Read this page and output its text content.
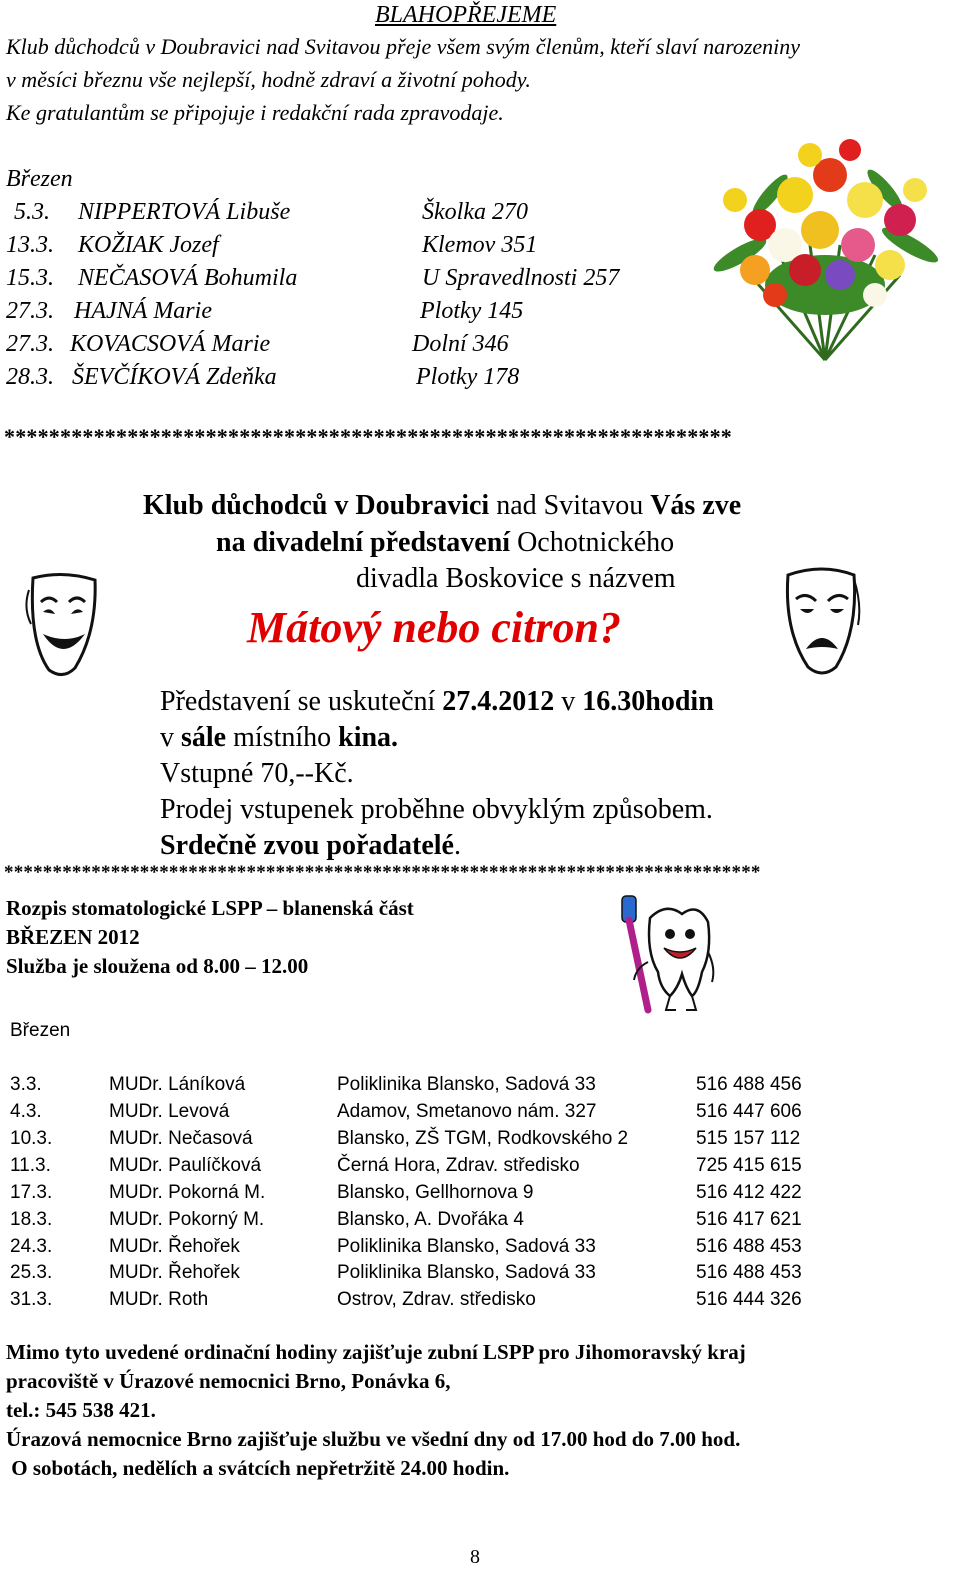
BLAHOPŘEJEME
Klub důchodců v Doubravici nad Svitavou přeje všem svým členům, kteří slaví narozeniny
v měsíci březnu vše nejlepší, hodně zdraví a životní pohody.
Ke gratulantům se připojuje i redakční rada zpravodaje.
Březen
5.3. NIPPERTOVÁ Libuše	Školka 270
13.3. KOŽIAK Jozef	Klemov 351
15.3. NEČASOVÁ Bohumila	U Spravedlnosti 257
27.3. HAJNÁ Marie	Plotky 145
27.3. KOVACSOVÁ Marie	Dolní 346
28.3. ŠEVČÍKOVÁ Zdeňka	Plotky 178
*****************************************************************
Klub důchodců v Doubravici nad Svitavou Vás zve
na divadelní představení Ochotnického
divadla Boskovice s názvem
Mátový nebo citron?
Představení se uskuteční 27.4.2012 v 16.30hodin
v sále místního kina.
Vstupné 70,--Kč.
Prodej vstupenek proběhne obvyklým způsobem.
Srdečně zvou pořadatelé.
******************************************************************************
Rozpis stomatologické LSPP – blanenská část
BŘEZEN 2012
Služba je sloužena od 8.00 – 12.00
Březen
3.3.	MUDr. Láníková	Poliklinika Blansko, Sadová 33	516 488 456
4.3.	MUDr. Levová	Adamov, Smetanovo nám. 327	516 447 606
10.3.	MUDr. Nečasová	Blansko, ZŠ TGM, Rodkovského 2	515 157 112
11.3.	MUDr. Paulíčková	Černá Hora, Zdrav. středisko	725 415 615
17.3.	MUDr. Pokorná M.	Blansko, Gellhornova 9	516 412 422
18.3.	MUDr. Pokorný M.	Blansko, A. Dvořáka 4	516 417 621
24.3.	MUDr. Řehořek	Poliklinika Blansko, Sadová 33	516 488 453
25.3.	MUDr. Řehořek	Poliklinika Blansko, Sadová 33	516 488 453
31.3.	MUDr. Roth	Ostrov, Zdrav. středisko	516 444 326
Mimo tyto uvedené ordinační hodiny zajišťuje zubní LSPP pro Jihomoravský kraj
pracoviště v Úrazové nemocnici Brno, Ponávka 6,
tel.: 545 538 421.
Úrazová nemocnice Brno zajišťuje službu ve všední dny od 17.00 hod do 7.00 hod.
O sobotách, nedělích a svátcích nepřetržitě 24.00 hodin.
8
